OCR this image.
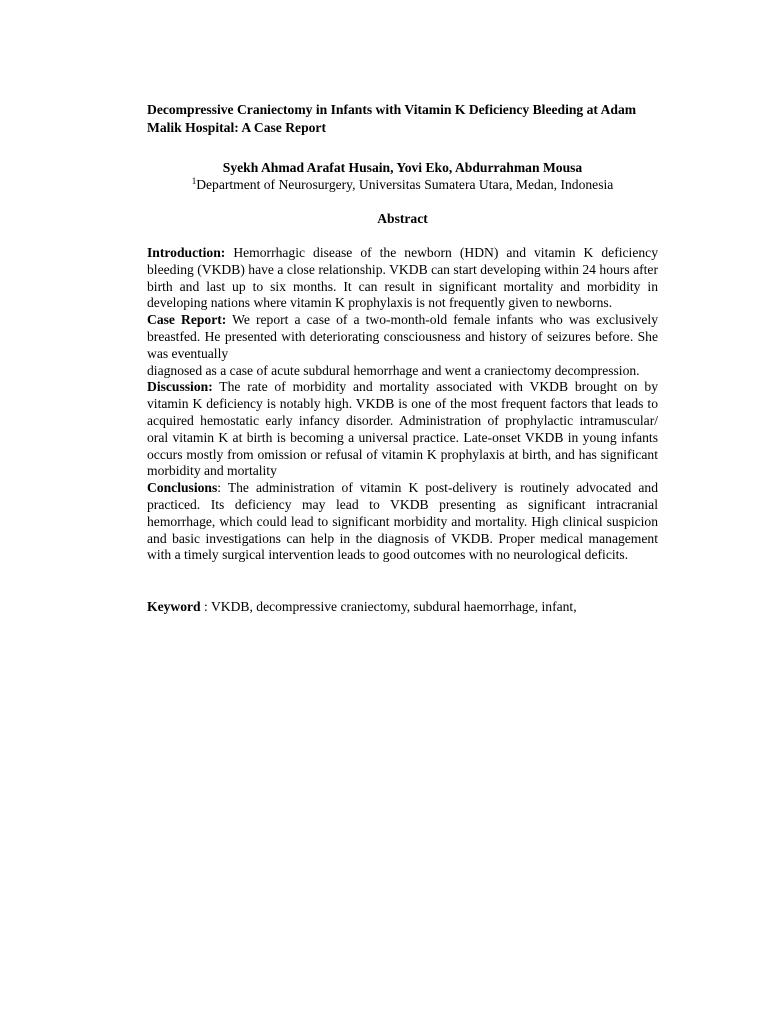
Decompressive Craniectomy in Infants with Vitamin K Deficiency Bleeding at Adam Malik Hospital: A Case Report

Syekh Ahmad Arafat Husain, Yovi Eko, Abdurrahman Mousa

$^1$Department of Neurosurgery, Universitas Sumatera Utara, Medan, Indonesia

Abstract

Introduction: Hemorrhagic disease of the newborn (HDN) and vitamin K deficiency bleeding (VKDB) have a close relationship. VKDB can start developing within 24 hours after birth and last up to six months. It can result in significant mortality and morbidity in developing nations where vitamin K prophylaxis is not frequently given to newborns.

Case Report: We report a case of a two-month-old female infants who was exclusively breastfed. He presented with deteriorating consciousness and history of seizures before. She was eventually

diagnosed as a case of acute subdural hemorrhage and went a craniectomy decompression.

Discussion: The rate of morbidity and mortality associated with VKDB brought on by vitamin K deficiency is notably high. VKDB is one of the most frequent factors that leads to acquired hemostatic early infancy disorder. Administration of prophylactic intramuscular/ oral vitamin K at birth is becoming a universal practice. Late-onset VKDB in young infants occurs mostly from omission or refusal of vitamin K prophylaxis at birth, and has significant morbidity and mortality

Conclusions: The administration of vitamin K post-delivery is routinely advocated and practiced. Its deficiency may lead to VKDB presenting as significant intracranial hemorrhage, which could lead to significant morbidity and mortality. High clinical suspicion and basic investigations can help in the diagnosis of VKDB. Proper medical management with a timely surgical intervention leads to good outcomes with no neurological deficits.

Keyword : VKDB, decompressive craniectomy, subdural haemorrhage, infant,
